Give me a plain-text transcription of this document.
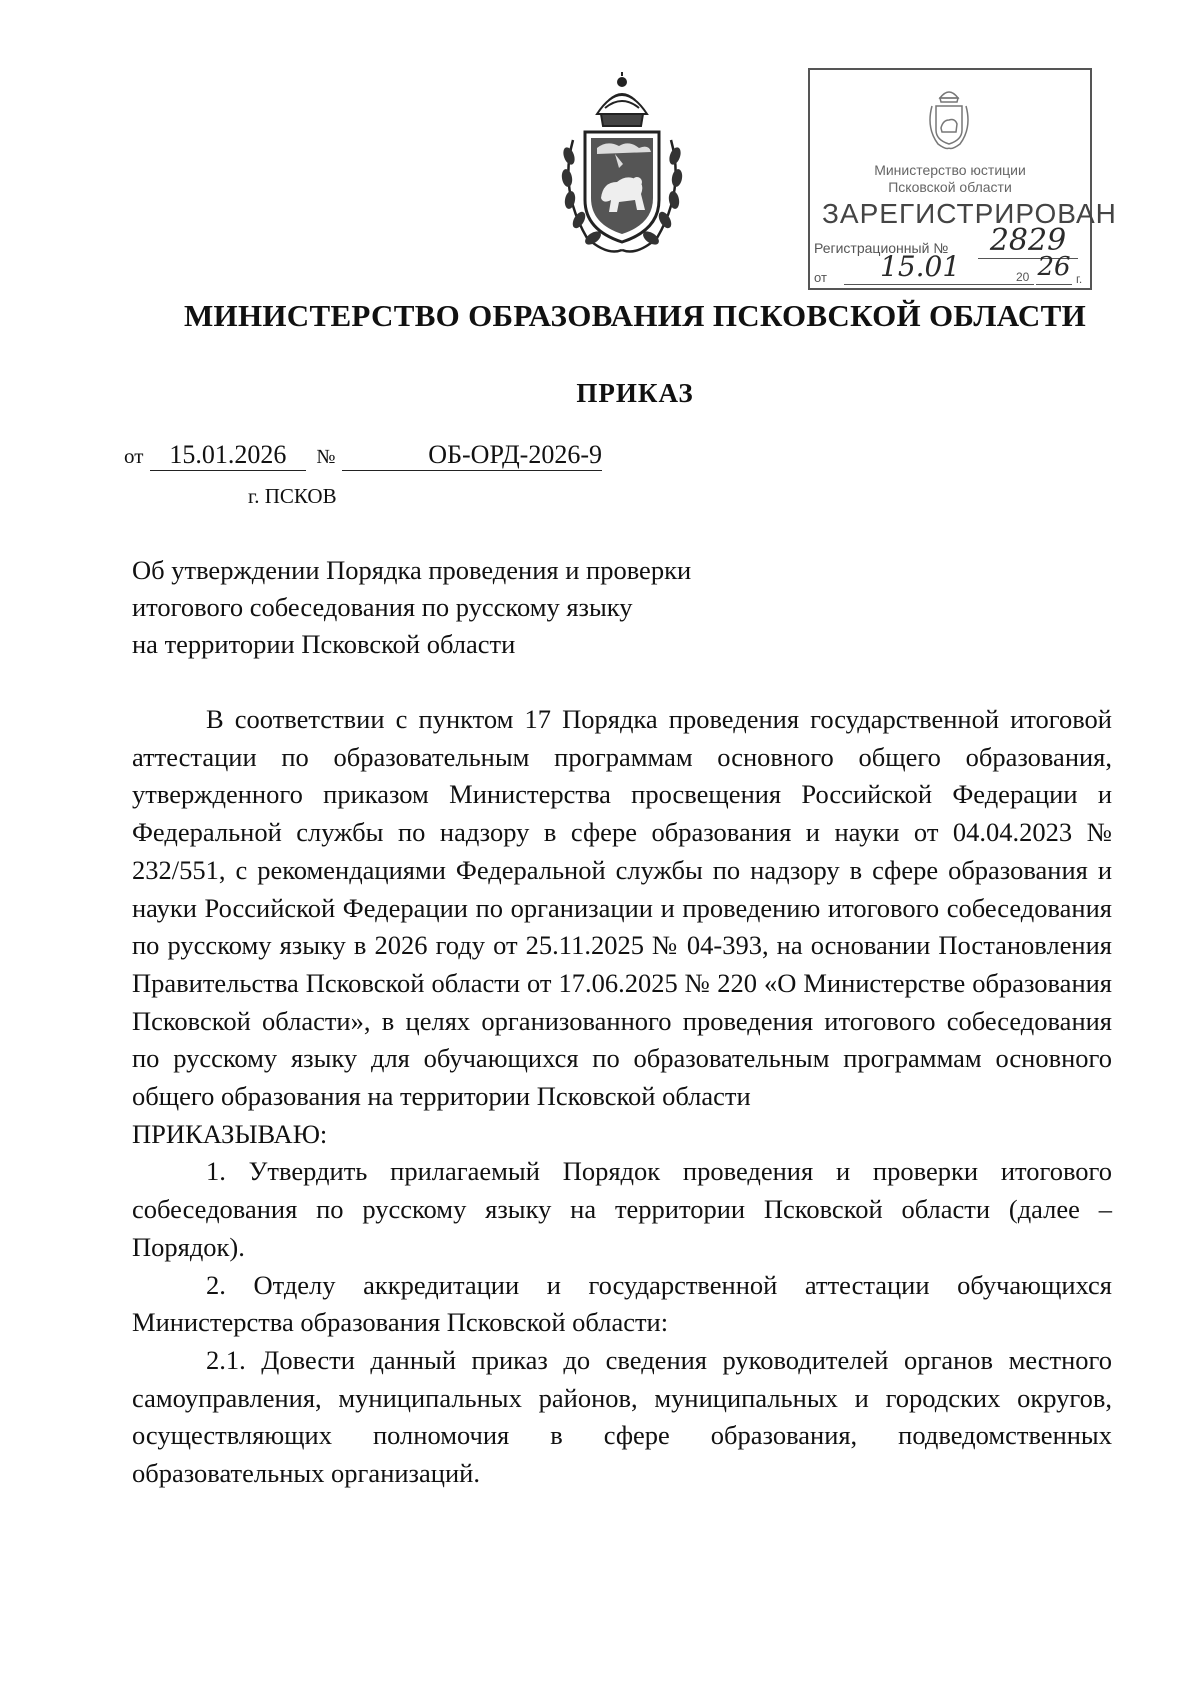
Министерство юстиции
Псковской области
ЗАРЕГИСТРИРОВАН
Регистрационный №	2829
от	15.01	20 26 г.
МИНИСТЕРСТВО ОБРАЗОВАНИЯ ПСКОВСКОЙ ОБЛАСТИ
ПРИКАЗ
от 15.01.2026 №	ОБ-ОРД-2026-9
г. ПСКОВ
Об утверждении Порядка проведения и проверки
итогового собеседования по русскому языку
на территории Псковской области

В соответствии с пунктом 17 Порядка проведения государственной итоговой аттестации по образовательным программам основного общего образования, утвержденного приказом Министерства просвещения Российской Федерации и Федеральной службы по надзору в сфере образования и науки от 04.04.2023 № 232/551, с рекомендациями Федеральной службы по надзору в сфере образования и науки Российской Федерации по организации и проведению итогового собеседования по русскому языку в 2026 году от 25.11.2025 № 04-393, на основании Постановления Правительства Псковской области от 17.06.2025 № 220 «О Министерстве образования Псковской области», в целях организованного проведения итогового собеседования по русскому языку для обучающихся по образовательным программам основного общего образования на территории Псковской области

ПРИКАЗЫВАЮ:

1. Утвердить прилагаемый Порядок проведения и проверки итогового собеседования по русскому языку на территории Псковской области (далее – Порядок).

2. Отделу аккредитации и государственной аттестации обучающихся Министерства образования Псковской области:

2.1. Довести данный приказ до сведения руководителей органов местного самоуправления, муниципальных районов, муниципальных и городских округов, осуществляющих полномочия в сфере образования, подведомственных образовательных организаций.
